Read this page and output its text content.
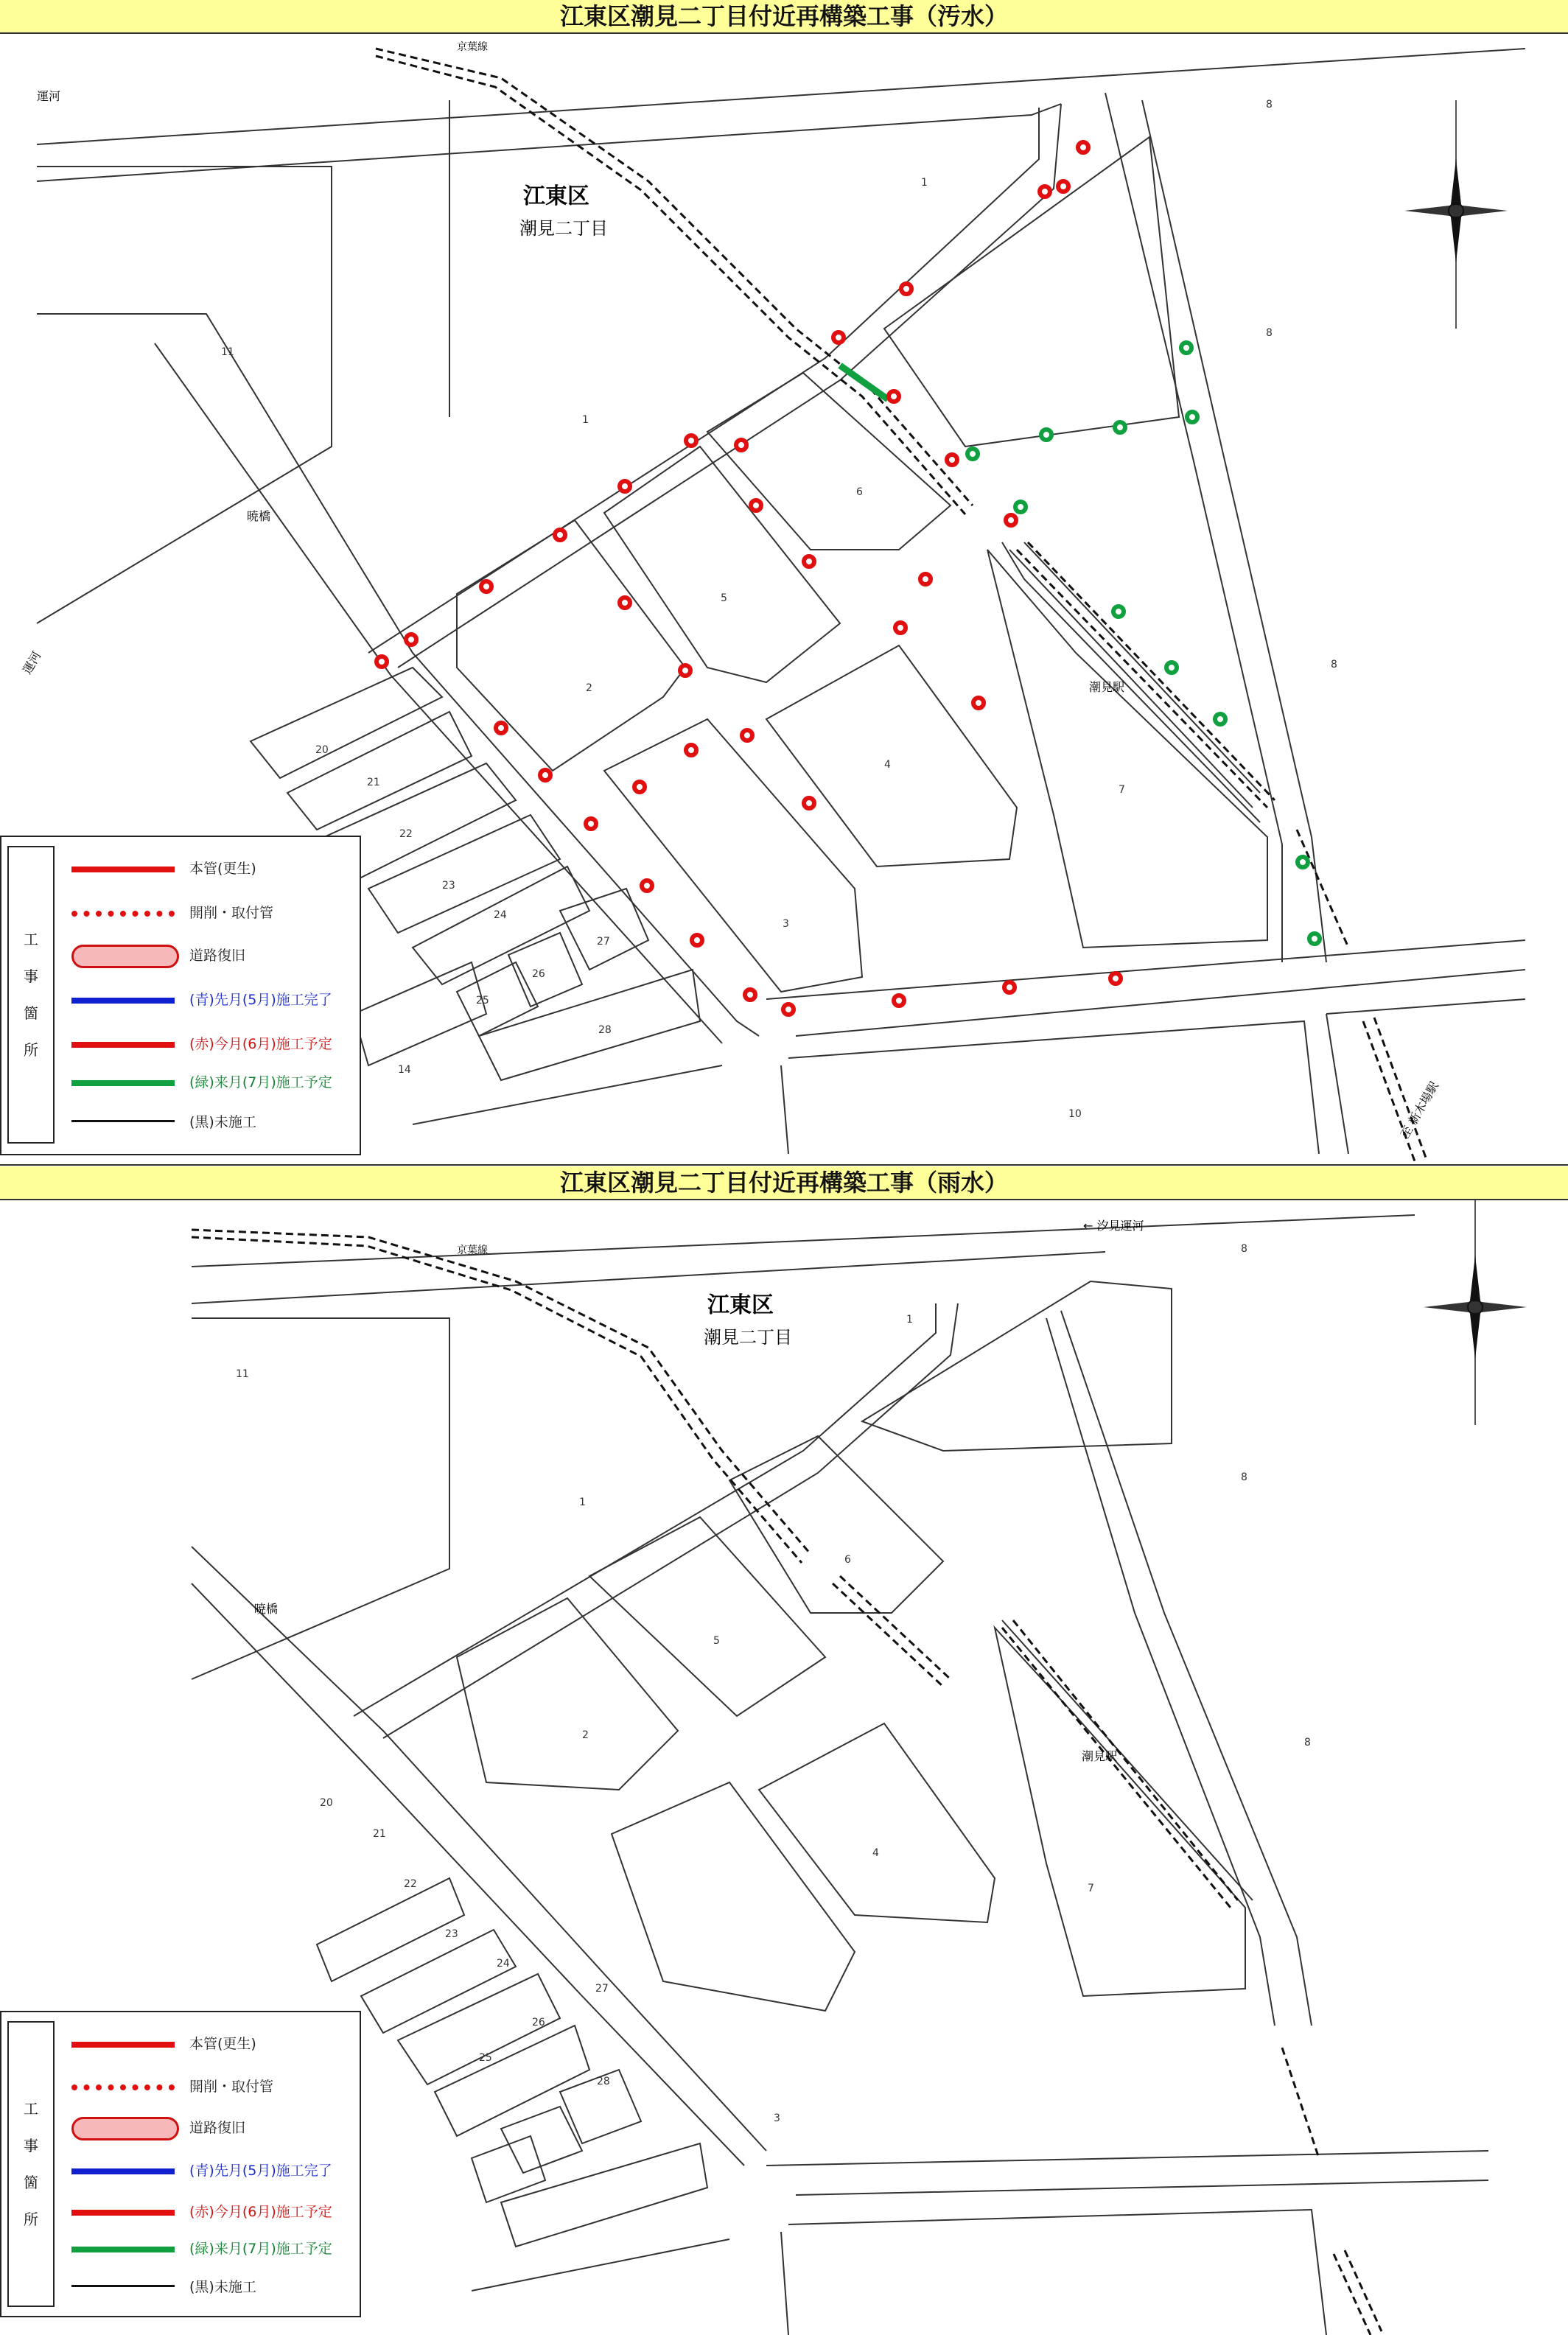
江東区潮見二丁目付近再構築工事（汚水）
江東区
潮見二丁目
運河
運河
暁橋
潮見駅
至 新木場駅
京葉線
1
1
2
3
4
5
6
7
8
8
8
10
11
14
20
21
22
23
24
25
26
27
28
工
事
箇
所
本管(更生)
開削・取付管
道路復旧
(青)先月(5月)施工完了
(赤)今月(6月)施工予定
(緑)来月(7月)施工予定
(黒)未施工
江東区潮見二丁目付近再構築工事（雨水）
江東区
潮見二丁目
← 汐見運河
京葉線
暁橋
潮見駅
1
1
2
3
4
5
6
7
8
8
8
11
20
21
22
23
24
25
26
27
28
工
事
箇
所
本管(更生)
開削・取付管
道路復旧
(青)先月(5月)施工完了
(赤)今月(6月)施工予定
(緑)来月(7月)施工予定
(黒)未施工
